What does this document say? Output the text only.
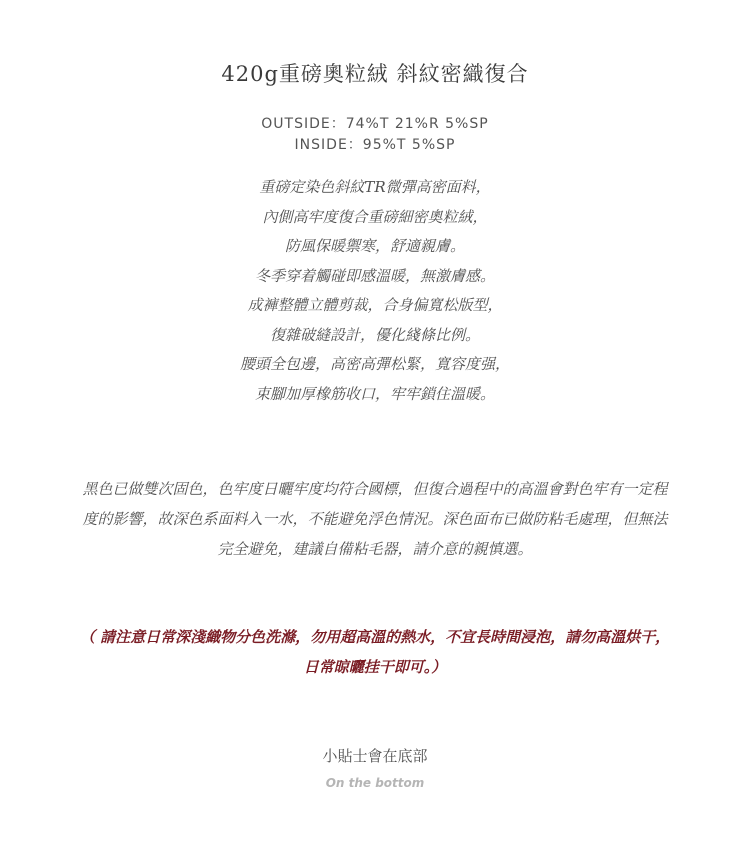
420g重磅奧粒絨 斜紋密織復合
OUTSIDE：74%T 21%R 5%SP
INSIDE：95%T 5%SP
重磅定染色斜紋TR微彈高密面料，
內側高牢度復合重磅細密奧粒絨，
防風保暖禦寒，舒適親膚。
冬季穿着觸碰即感溫暖，無激膚感。
成褲整體立體剪裁，合身偏寬松版型，
復雜破縫設計，優化綫條比例。
腰頭全包邊，高密高彈松緊，寬容度强，
束腳加厚橡筋收口，牢牢鎖住溫暖。
黑色已做雙次固色，色牢度日曬牢度均符合國標，但復合過程中的高溫會對色牢有一定程
度的影響，故深色系面料入一水，不能避免浮色情況。深色面布已做防粘毛處理，但無法
完全避免，建議自備粘毛器，請介意的親慎選。
（ 請注意日常深淺織物分色洗滌，勿用超高溫的熱水，不宜長時間浸泡，請勿高溫烘干，
日常晾曬挂干即可。）
小貼士會在底部
On the bottom
